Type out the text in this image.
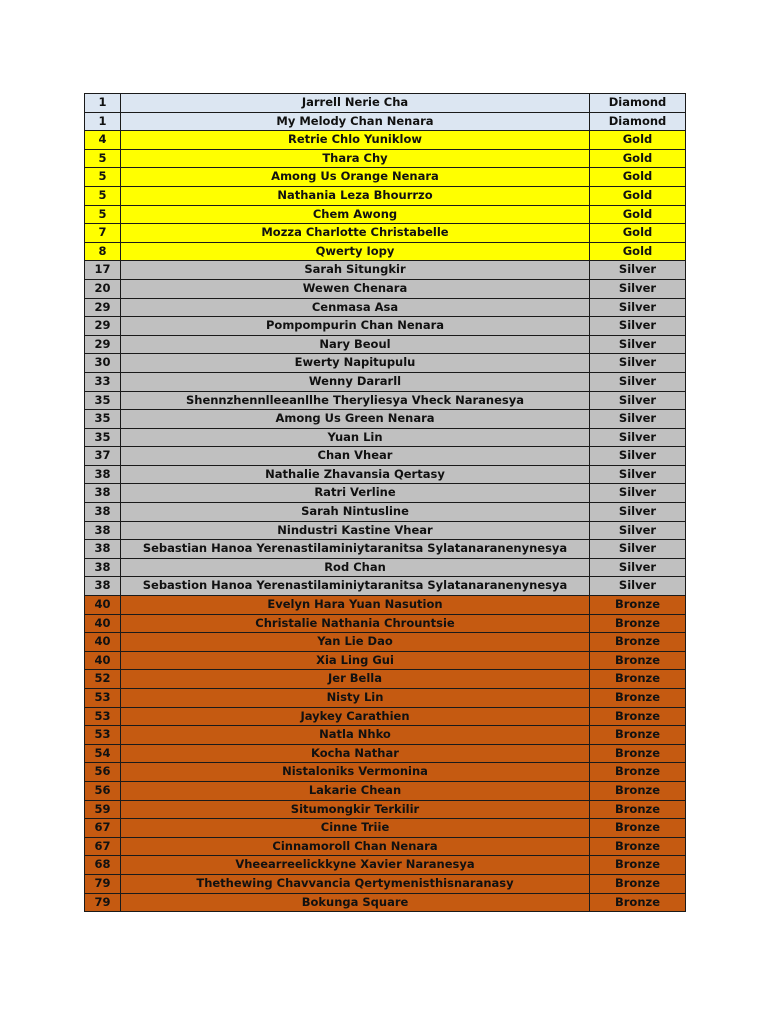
1	Jarrell Nerie Cha	Diamond
1	My Melody Chan Nenara	Diamond
4	Retrie Chlo Yuniklow	Gold
5	Thara Chy	Gold
5	Among Us Orange Nenara	Gold
5	Nathania Leza Bhourrzo	Gold
5	Chem Awong	Gold
7	Mozza Charlotte Christabelle	Gold
8	Qwerty Iopy	Gold
17	Sarah Situngkir	Silver
20	Wewen Chenara	Silver
29	Cenmasa Asa	Silver
29	Pompompurin Chan Nenara	Silver
29	Nary Beoul	Silver
30	Ewerty Napitupulu	Silver
33	Wenny Dararll	Silver
35	Shennzhennlleeanllhe Theryliesya Vheck Naranesya	Silver
35	Among Us Green Nenara	Silver
35	Yuan Lin	Silver
37	Chan Vhear	Silver
38	Nathalie Zhavansia Qertasy	Silver
38	Ratri Verline	Silver
38	Sarah Nintusline	Silver
38	Nindustri Kastine Vhear	Silver
38	Sebastian Hanoa Yerenastilaminiytaranitsa Sylatanaranenynesya	Silver
38	Rod Chan	Silver
38	Sebastion Hanoa Yerenastilaminiytaranitsa Sylatanaranenynesya	Silver
40	Evelyn Hara Yuan Nasution	Bronze
40	Christalie Nathania Chrountsie	Bronze
40	Yan Lie Dao	Bronze
40	Xia Ling Gui	Bronze
52	Jer Bella	Bronze
53	Nisty Lin	Bronze
53	Jaykey Carathien	Bronze
53	Natla Nhko	Bronze
54	Kocha Nathar	Bronze
56	Nistaloniks Vermonina	Bronze
56	Lakarie Chean	Bronze
59	Situmongkir Terkilir	Bronze
67	Cinne Triie	Bronze
67	Cinnamoroll Chan Nenara	Bronze
68	Vheearreelickkyne Xavier Naranesya	Bronze
79	Thethewing Chavvancia Qertymenisthisnaranasy	Bronze
79	Bokunga Square	Bronze
